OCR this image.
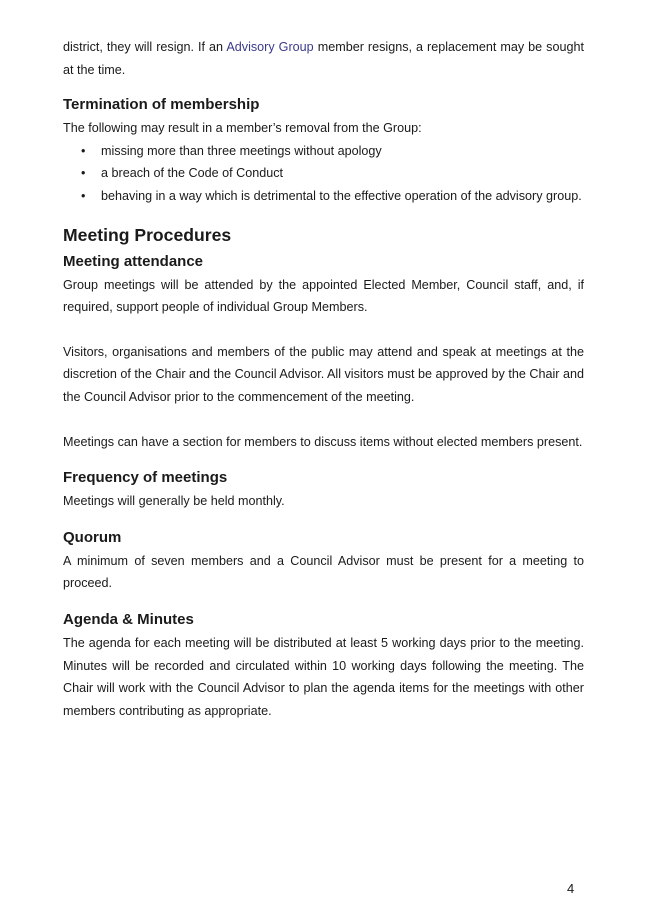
district, they will resign. If an Advisory Group member resigns, a replacement may be sought at the time.

Termination of membership

The following may result in a member’s removal from the Group:

• missing more than three meetings without apology
• a breach of the Code of Conduct
• behaving in a way which is detrimental to the effective operation of the advisory group.
Meeting Procedures
Meeting attendance

Group meetings will be attended by the appointed Elected Member, Council staff, and, if required, support people of individual Group Members.

Visitors, organisations and members of the public may attend and speak at meetings at the discretion of the Chair and the Council Advisor. All visitors must be approved by the Chair and the Council Advisor prior to the commencement of the meeting.

Meetings can have a section for members to discuss items without elected members present.

Frequency of meetings

Meetings will generally be held monthly.

Quorum

A minimum of seven members and a Council Advisor must be present for a meeting to proceed.

Agenda & Minutes

The agenda for each meeting will be distributed at least 5 working days prior to the meeting. Minutes will be recorded and circulated within 10 working days following the meeting. The Chair will work with the Council Advisor to plan the agenda items for the meetings with other members contributing as appropriate.

4
